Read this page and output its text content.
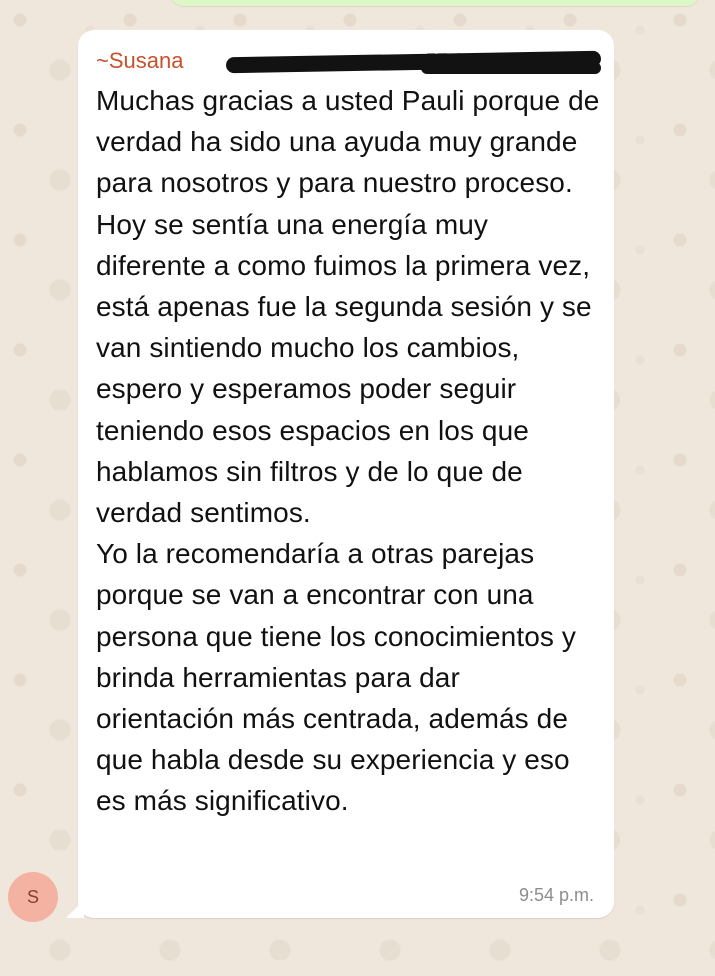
~Susana

Muchas gracias a usted Pauli porque de verdad ha sido una ayuda muy grande para nosotros y para nuestro proceso. Hoy se sentía una energía muy diferente a como fuimos la primera vez, está apenas fue la segunda sesión y se van sintiendo mucho los cambios, espero y esperamos poder seguir teniendo esos espacios en los que hablamos sin filtros y de lo que de verdad sentimos.
Yo la recomendaría a otras parejas porque se van a encontrar con una persona que tiene los conocimientos y brinda herramientas para dar orientación más centrada, además de que habla desde su experiencia y eso es más significativo.

9:54 p.m.
S
